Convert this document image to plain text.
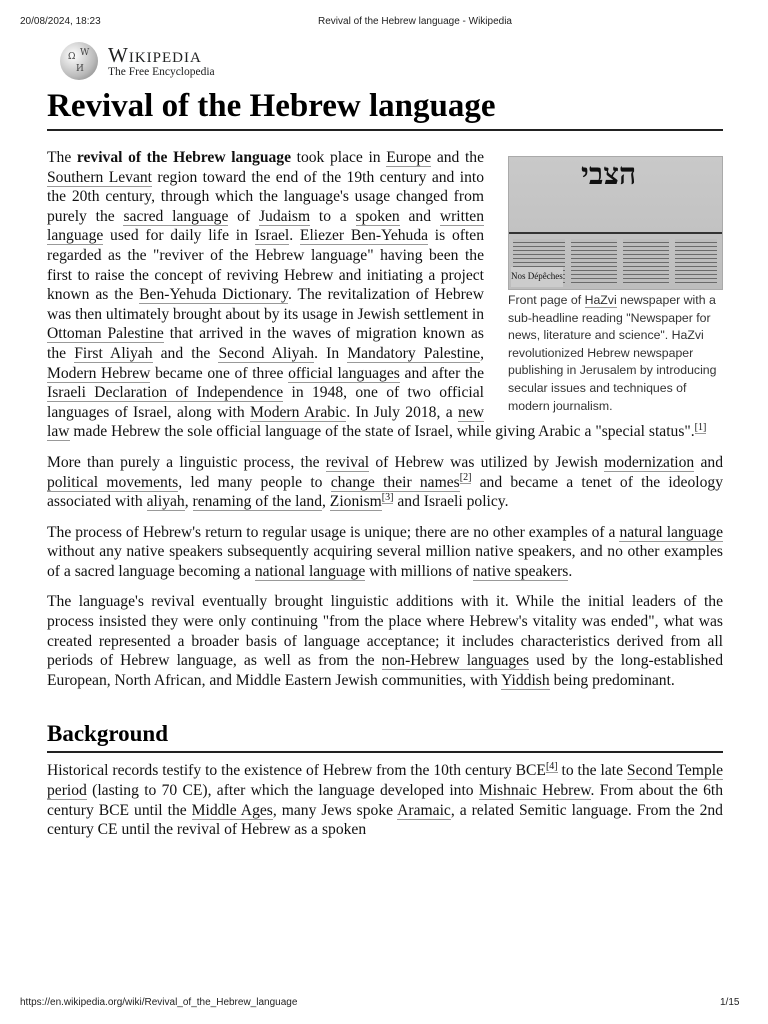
20/08/2024, 18:23	Revival of the Hebrew language - Wikipedia
Ω W
И
Wikipedia
The Free Encyclopedia
Revival of the Hebrew language
הצבי
Nos Dépêches
Front page of HaZvi newspaper with a sub-headline reading "Newspaper for news, literature and science". HaZvi revolutionized Hebrew newspaper publishing in Jerusalem by introducing secular issues and techniques of modern journalism.

The revival of the Hebrew language took place in Europe and the Southern Levant region toward the end of the 19th century and into the 20th century, through which the language's usage changed from purely the sacred language of Judaism to a spoken and written language used for daily life in Israel. Eliezer Ben-Yehuda is often regarded as the "reviver of the Hebrew language" having been the first to raise the concept of reviving Hebrew and initiating a project known as the Ben-Yehuda Dictionary. The revitalization of Hebrew was then ultimately brought about by its usage in Jewish settlement in Ottoman Palestine that arrived in the waves of migration known as the First Aliyah and the Second Aliyah. In Mandatory Palestine, Modern Hebrew became one of three official languages and after the Israeli Declaration of Independence in 1948, one of two official languages of Israel, along with Modern Arabic. In July 2018, a new law made Hebrew the sole official language of the state of Israel, while giving Arabic a "special status".[1]

More than purely a linguistic process, the revival of Hebrew was utilized by Jewish modernization and political movements, led many people to change their names[2] and became a tenet of the ideology associated with aliyah, renaming of the land, Zionism[3] and Israeli policy.

The process of Hebrew's return to regular usage is unique; there are no other examples of a natural language without any native speakers subsequently acquiring several million native speakers, and no other examples of a sacred language becoming a national language with millions of native speakers.

The language's revival eventually brought linguistic additions with it. While the initial leaders of the process insisted they were only continuing "from the place where Hebrew's vitality was ended", what was created represented a broader basis of language acceptance; it includes characteristics derived from all periods of Hebrew language, as well as from the non-Hebrew languages used by the long-established European, North African, and Middle Eastern Jewish communities, with Yiddish being predominant.

Background

Historical records testify to the existence of Hebrew from the 10th century BCE[4] to the late Second Temple period (lasting to 70 CE), after which the language developed into Mishnaic Hebrew. From about the 6th century BCE until the Middle Ages, many Jews spoke Aramaic, a related Semitic language. From the 2nd century CE until the revival of Hebrew as a spoken

https://en.wikipedia.org/wiki/Revival_of_the_Hebrew_language	1/15
